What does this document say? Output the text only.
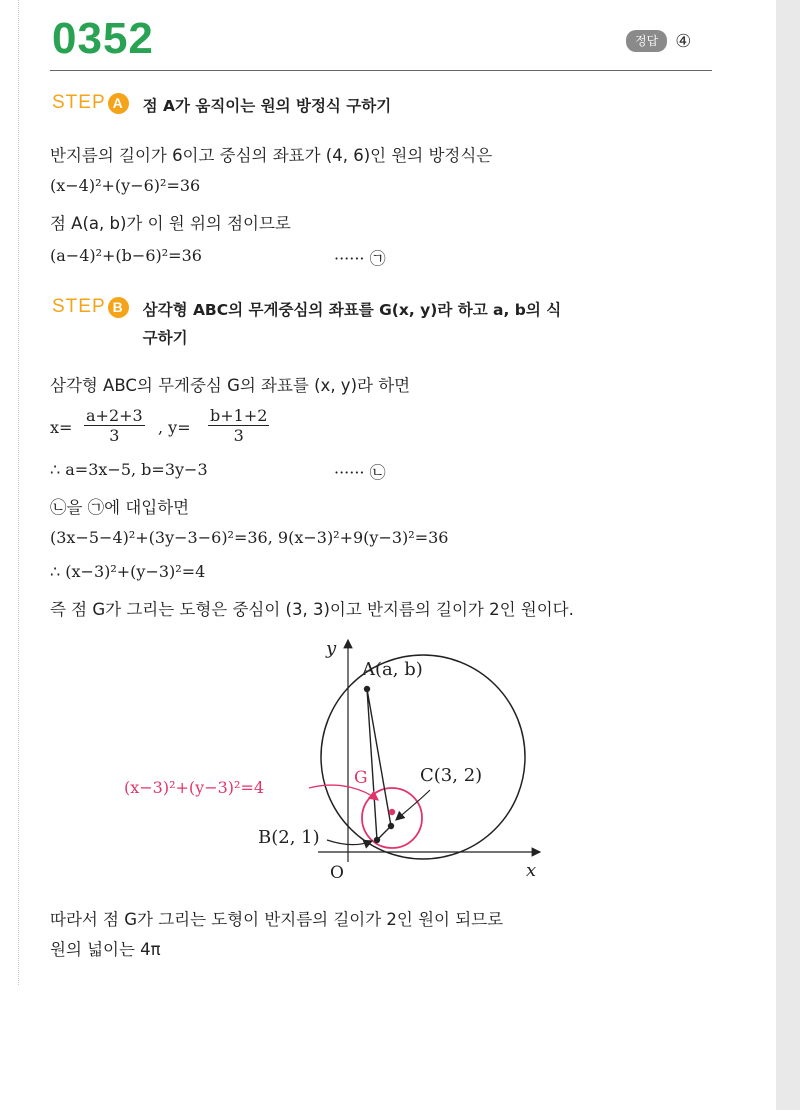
0352	정답 ④
STEP A	점 A가 움직이는 원의 방정식 구하기
반지름의 길이가 6이고 중심의 좌표가 (4, 6)인 원의 방정식은
(x−4)²+(y−6)²=36
점 A(a, b)가 이 원 위의 점이므로
(a−4)²+(b−6)²=36	······ ㉠
STEP B	삼각형 ABC의 무게중심의 좌표를 G(x, y)라 하고 a, b의 식
구하기
삼각형 ABC의 무게중심 G의 좌표를 (x, y)라 하면
$x= \frac{a+2+3}{3}$ , $y= \frac{b+1+2}{3}$
∴ a=3x−5, b=3y−3	······ ㉡
㉡을 ㉠에 대입하면
(3x−5−4)²+(3y−3−6)²=36, 9(x−3)²+9(y−3)²=36
∴ (x−3)²+(y−3)²=4
즉 점 G가 그리는 도형은 중심이 (3, 3)이고 반지름의 길이가 2인 원이다.
y
x
O
A(a, b)
C(3, 2)
B(2, 1)
G
(x−3)²+(y−3)²=4
따라서 점 G가 그리는 도형이 반지름의 길이가 2인 원이 되므로
원의 넓이는 4π
